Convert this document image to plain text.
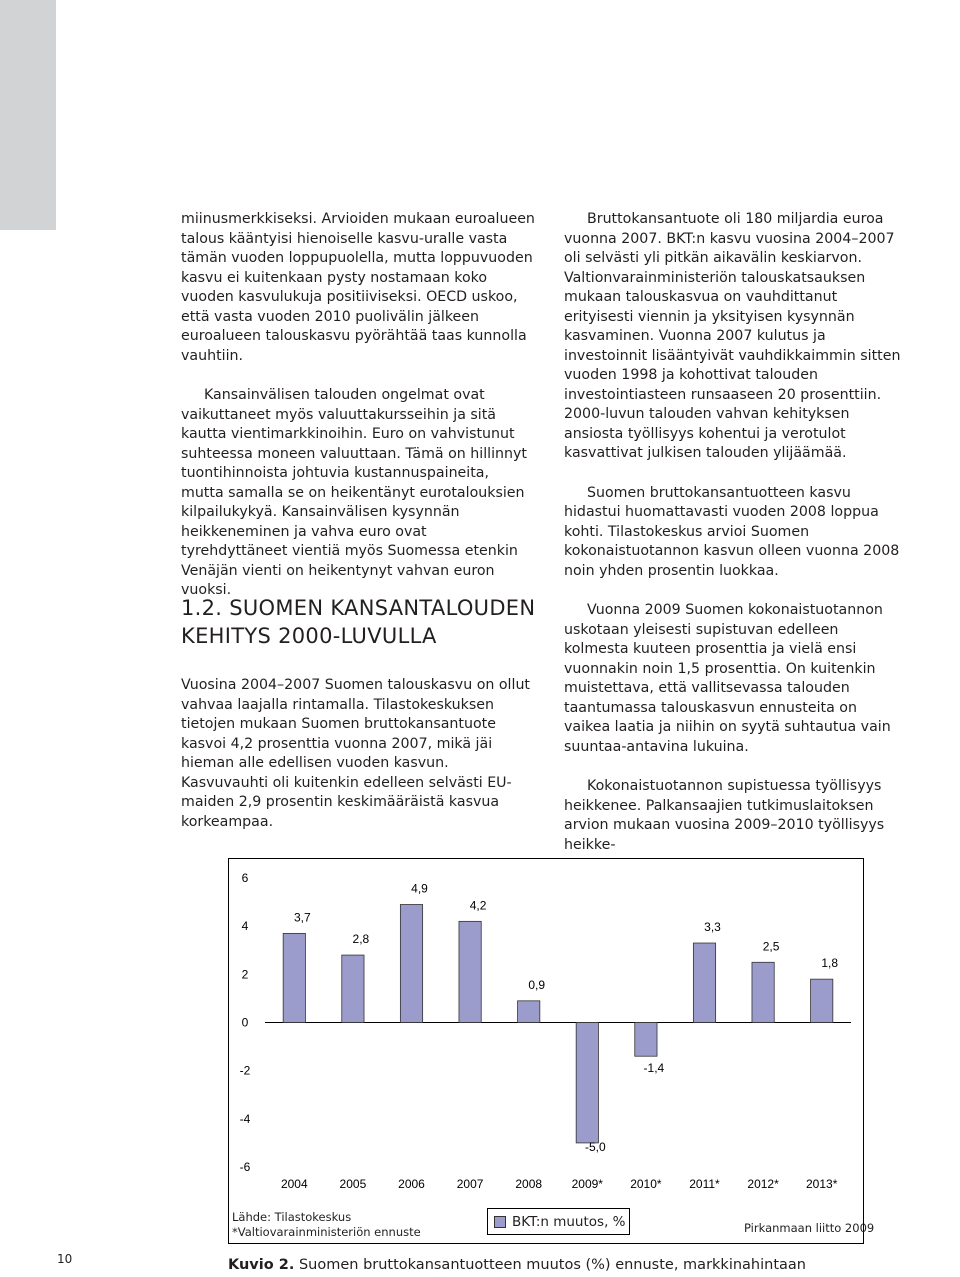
miinusmerkkiseksi. Arvioiden mukaan euroalueen talous kääntyisi hienoiselle kasvu-uralle vasta tämän vuoden loppupuolella, mutta loppuvuoden kasvu ei kuitenkaan pysty nostamaan koko vuoden kasvulukuja positiiviseksi. OECD uskoo, että vasta vuoden 2010 puolivälin jälkeen euroalueen talouskasvu pyörähtää taas kunnolla vauhtiin.

Kansainvälisen talouden ongelmat ovat vaikuttaneet myös valuuttakursseihin ja sitä kautta vientimarkkinoihin. Euro on vahvistunut suhteessa moneen valuuttaan. Tämä on hillinnyt tuontihinnoista johtuvia kustannuspaineita, mutta samalla se on heikentänyt eurotalouksien kilpailukykyä. Kansainvälisen kysynnän heikkeneminen ja vahva euro ovat tyrehdyttäneet vientiä myös Suomessa etenkin Venäjän vienti on heikentynyt vahvan euron vuoksi.

1.2. SUOMEN KANSANTALOUDEN KEHITYS 2000-LUVULLA

Vuosina 2004–2007 Suomen talouskasvu on ollut vahvaa laajalla rintamalla. Tilastokeskuksen tietojen mukaan Suomen bruttokansantuote kasvoi 4,2 prosenttia vuonna 2007, mikä jäi hieman alle edellisen vuoden kasvun. Kasvuvauhti oli kuitenkin edelleen selvästi EU-maiden 2,9 prosentin keskimääräistä kasvua korkeampaa.

Bruttokansantuote oli 180 miljardia euroa vuonna 2007. BKT:n kasvu vuosina 2004–2007 oli selvästi yli pitkän aikavälin keskiarvon. Valtionvarainministeriön talouskatsauksen mukaan talouskasvua on vauhdittanut erityisesti viennin ja yksityisen kysynnän kasvaminen. Vuonna 2007 kulutus ja investoinnit lisääntyivät vauhdikkaimmin sitten vuoden 1998 ja kohottivat talouden investointiasteen runsaaseen 20 prosenttiin. 2000-luvun talouden vahvan kehityksen ansiosta työllisyys kohentui ja verotulot kasvattivat julkisen talouden ylijäämää.

Suomen bruttokansantuotteen kasvu hidastui huomattavasti vuoden 2008 loppua kohti. Tilastokeskus arvioi Suomen kokonaistuotannon kasvun olleen vuonna 2008 noin yhden prosentin luokkaa.

Vuonna 2009 Suomen kokonaistuotannon uskotaan yleisesti supistuvan edelleen kolmesta kuuteen prosenttia ja vielä ensi vuonnakin noin 1,5 prosenttia. On kuitenkin muistettava, että vallitsevassa talouden taantumassa talouskasvun ennusteita on vaikea laatia ja niihin on syytä suhtautua vain suuntaa-antavina lukuina.

Kokonaistuotannon supistuessa työllisyys heikkenee. Palkansaajien tutkimuslaitoksen arvion mukaan vuosina 2009–2010 työllisyys heikke-

6
4
2
0
-2
-4
-6
3,7
2004
2,8
2005
4,9
2006
4,2
2007
0,9
2008
-5,0
2009*
-1,4
2010*
3,3
2011*
2,5
2012*
1,8
2013*
Lähde: Tilastokeskus
*Valtiovarainministeriön ennuste
BKT:n muutos, %	Pirkanmaan liitto 2009
10	Kuvio 2. Suomen bruttokansantuotteen muutos (%) ennuste, markkinahintaan
